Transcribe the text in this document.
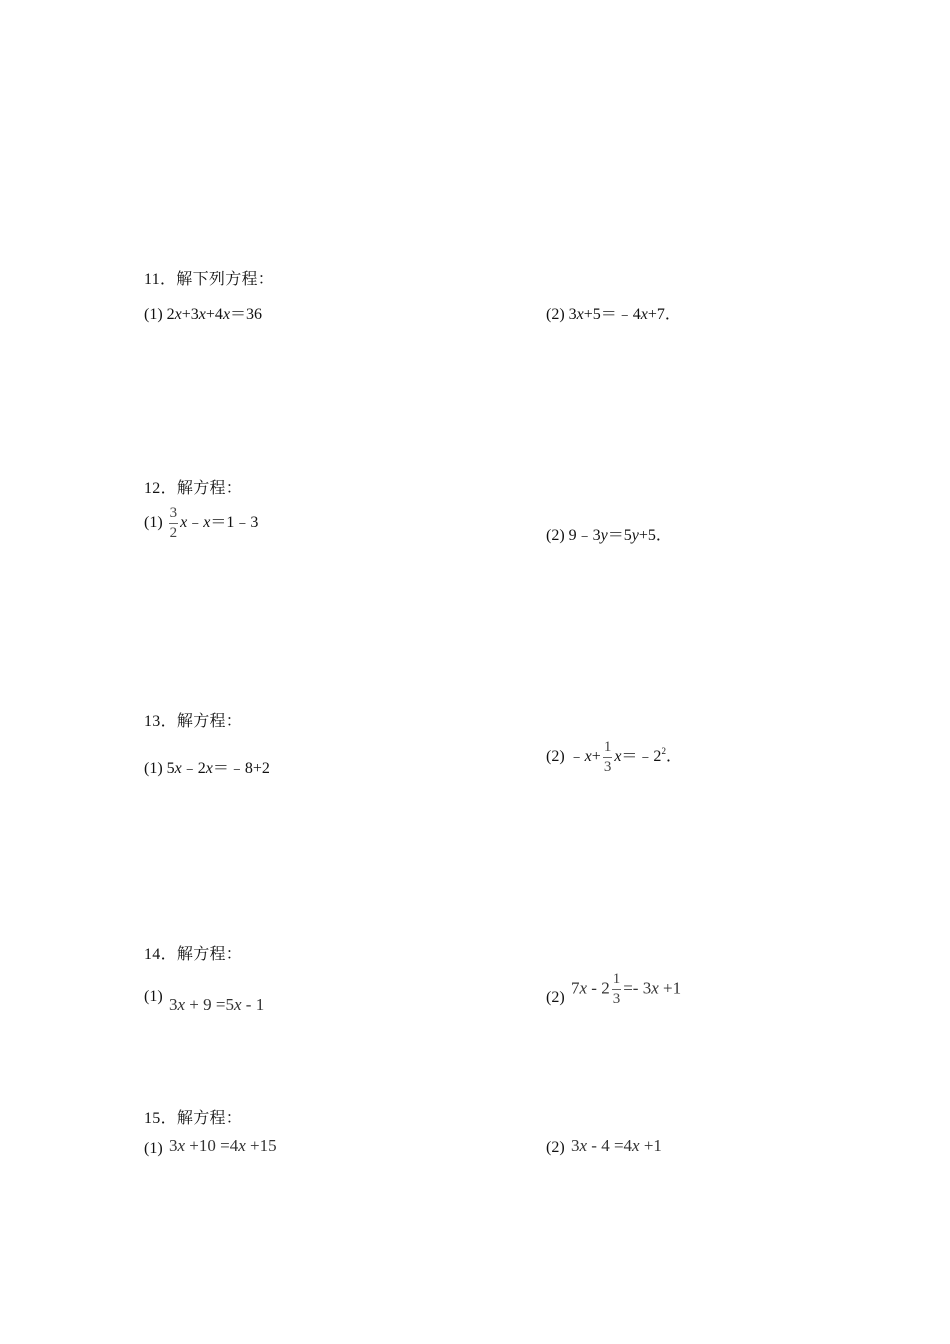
11．解下列方程：
(1) 2x+3x+4x＝36	(2) 3x+5＝﹣4x+7．
12．解方程：
$(1) \frac{3}{2}$ x﹣x＝1﹣3
(2) 9﹣3y＝5y+5．
13．解方程：
(1) 5x﹣2x＝﹣8+2
(2) ﹣x+ $\frac{1}{3}$ $x=﹣2^2$．
14．解方程：
(1) 3x + 9 =5x - 1	(2)
$7x - 2 \frac{1}{3} =- 3x +1$
15．解方程：
(1) 3x +10 =4x +15	(2) 3x - 4 =4x +1
